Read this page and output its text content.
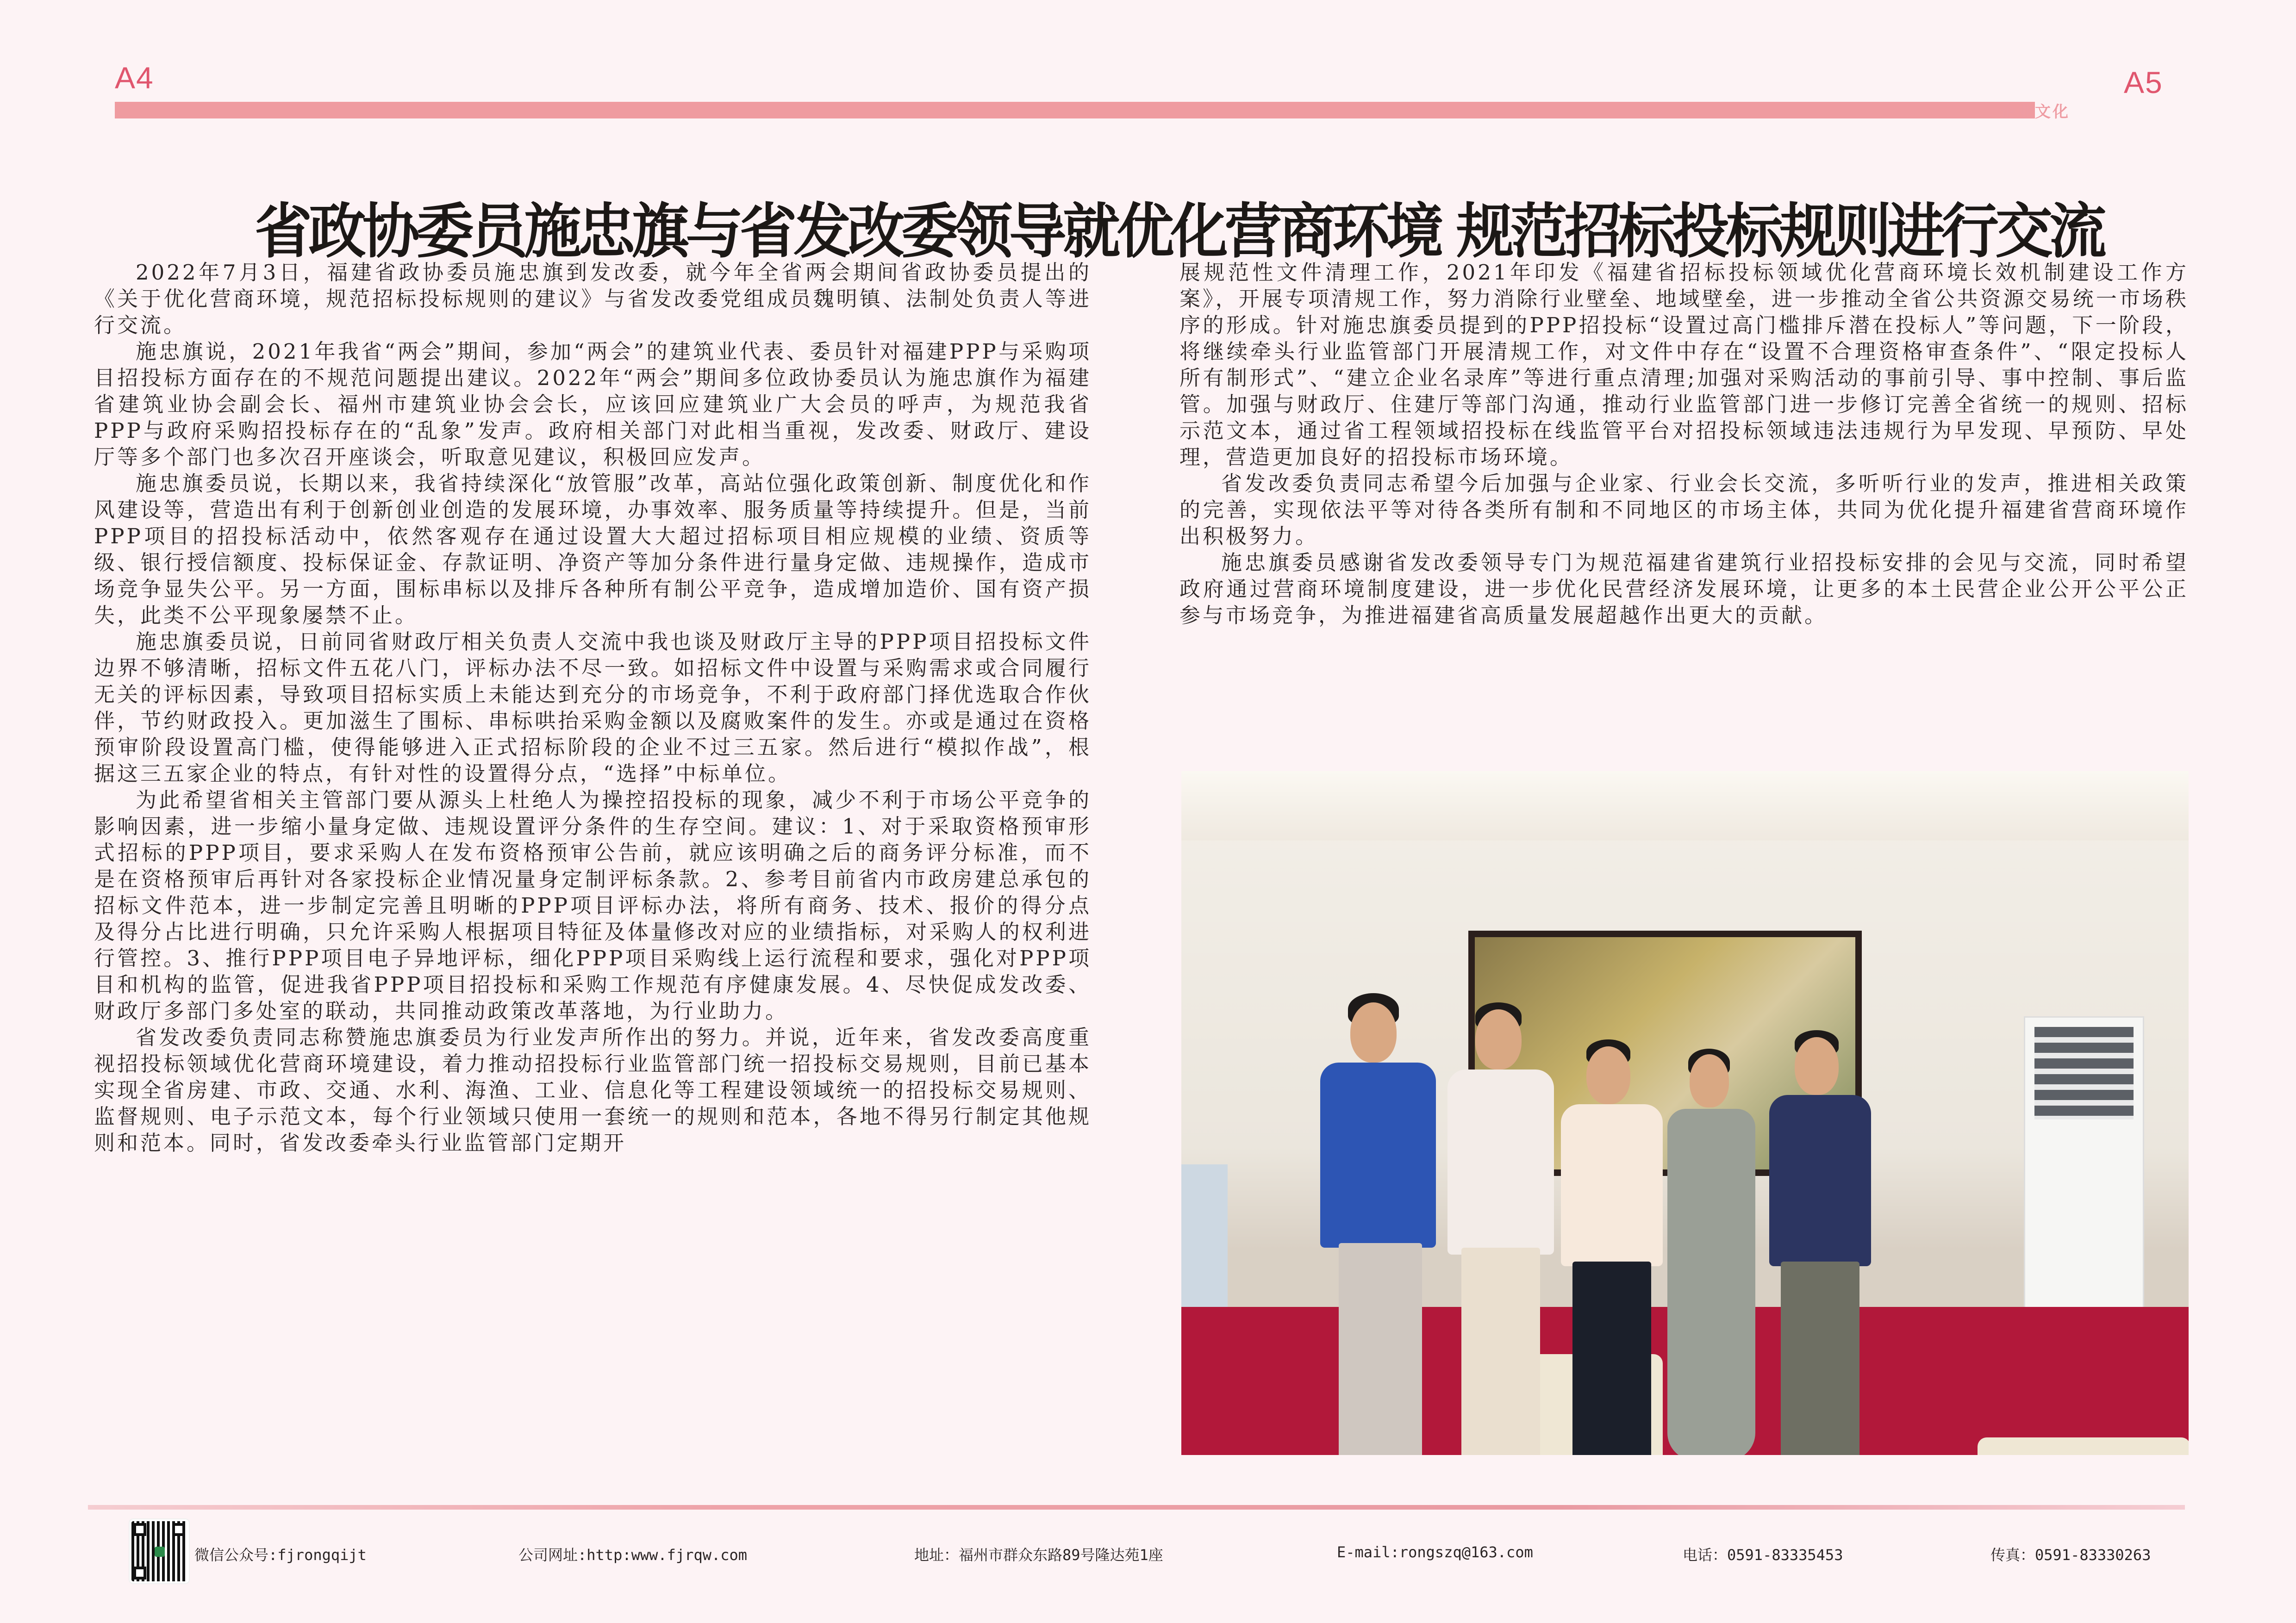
A4	A5
企业文化
省政协委员施忠旗与省发改委领导就优化营商环境 规范招标投标规则进行交流

2022年7月3日，福建省政协委员施忠旗到发改委，就今年全省两会期间省政协委员提出的《关于优化营商环境，规范招标投标规则的建议》与省发改委党组成员魏明镇、法制处负责人等进行交流。

施忠旗说，2021年我省“两会”期间，参加“两会”的建筑业代表、委员针对福建PPP与采购项目招投标方面存在的不规范问题提出建议。2022年“两会”期间多位政协委员认为施忠旗作为福建省建筑业协会副会长、福州市建筑业协会会长，应该回应建筑业广大会员的呼声，为规范我省PPP与政府采购招投标存在的“乱象”发声。政府相关部门对此相当重视，发改委、财政厅、建设厅等多个部门也多次召开座谈会，听取意见建议，积极回应发声。

施忠旗委员说，长期以来，我省持续深化“放管服”改革，高站位强化政策创新、制度优化和作风建设等，营造出有利于创新创业创造的发展环境，办事效率、服务质量等持续提升。但是，当前PPP项目的招投标活动中，依然客观存在通过设置大大超过招标项目相应规模的业绩、资质等级、银行授信额度、投标保证金、存款证明、净资产等加分条件进行量身定做、违规操作，造成市场竞争显失公平。另一方面，围标串标以及排斥各种所有制公平竞争，造成增加造价、国有资产损失，此类不公平现象屡禁不止。

施忠旗委员说，日前同省财政厅相关负责人交流中我也谈及财政厅主导的PPP项目招投标文件边界不够清晰，招标文件五花八门，评标办法不尽一致。如招标文件中设置与采购需求或合同履行无关的评标因素，导致项目招标实质上未能达到充分的市场竞争，不利于政府部门择优选取合作伙伴，节约财政投入。更加滋生了围标、串标哄抬采购金额以及腐败案件的发生。亦或是通过在资格预审阶段设置高门槛，使得能够进入正式招标阶段的企业不过三五家。然后进行“模拟作战”，根据这三五家企业的特点，有针对性的设置得分点，“选择”中标单位。

为此希望省相关主管部门要从源头上杜绝人为操控招投标的现象，减少不利于市场公平竞争的影响因素，进一步缩小量身定做、违规设置评分条件的生存空间。建议：1、对于采取资格预审形式招标的PPP项目，要求采购人在发布资格预审公告前，就应该明确之后的商务评分标准，而不是在资格预审后再针对各家投标企业情况量身定制评标条款。2、参考目前省内市政房建总承包的招标文件范本，进一步制定完善且明晰的PPP项目评标办法，将所有商务、技术、报价的得分点及得分占比进行明确，只允许采购人根据项目特征及体量修改对应的业绩指标，对采购人的权利进行管控。3、推行PPP项目电子异地评标，细化PPP项目采购线上运行流程和要求，强化对PPP项目和机构的监管，促进我省PPP项目招投标和采购工作规范有序健康发展。4、尽快促成发改委、财政厅多部门多处室的联动，共同推动政策改革落地，为行业助力。

省发改委负责同志称赞施忠旗委员为行业发声所作出的努力。并说，近年来，省发改委高度重视招投标领域优化营商环境建设，着力推动招投标行业监管部门统一招投标交易规则，目前已基本实现全省房建、市政、交通、水利、海渔、工业、信息化等工程建设领域统一的招投标交易规则、监督规则、电子示范文本，每个行业领域只使用一套统一的规则和范本，各地不得另行制定其他规则和范本。同时，省发改委牵头行业监管部门定期开

展规范性文件清理工作，2021年印发《福建省招标投标领域优化营商环境长效机制建设工作方案》，开展专项清规工作，努力消除行业壁垒、地域壁垒，进一步推动全省公共资源交易统一市场秩序的形成。针对施忠旗委员提到的PPP招投标“设置过高门槛排斥潜在投标人”等问题，下一阶段，将继续牵头行业监管部门开展清规工作，对文件中存在“设置不合理资格审查条件”、“限定投标人所有制形式”、“建立企业名录库”等进行重点清理;加强对采购活动的事前引导、事中控制、事后监管。加强与财政厅、住建厅等部门沟通，推动行业监管部门进一步修订完善全省统一的规则、招标示范文本，通过省工程领域招投标在线监管平台对招投标领域违法违规行为早发现、早预防、早处理，营造更加良好的招投标市场环境。

省发改委负责同志希望今后加强与企业家、行业会长交流，多听听行业的发声，推进相关政策的完善，实现依法平等对待各类所有制和不同地区的市场主体，共同为优化提升福建省营商环境作出积极努力。

施忠旗委员感谢省发改委领导专门为规范福建省建筑行业招投标安排的会见与交流，同时希望政府通过营商环境制度建设，进一步优化民营经济发展环境，让更多的本土民营企业公开公平公正参与市场竞争，为推进福建省高质量发展超越作出更大的贡献。

微信公众号:fjrongqijt	公司网址:http:www.fjrqw.com	地址：福州市群众东路89号隆达苑1座	E-mail:rongszq@163.com	电话：0591-83335453	传真：0591-83330263
